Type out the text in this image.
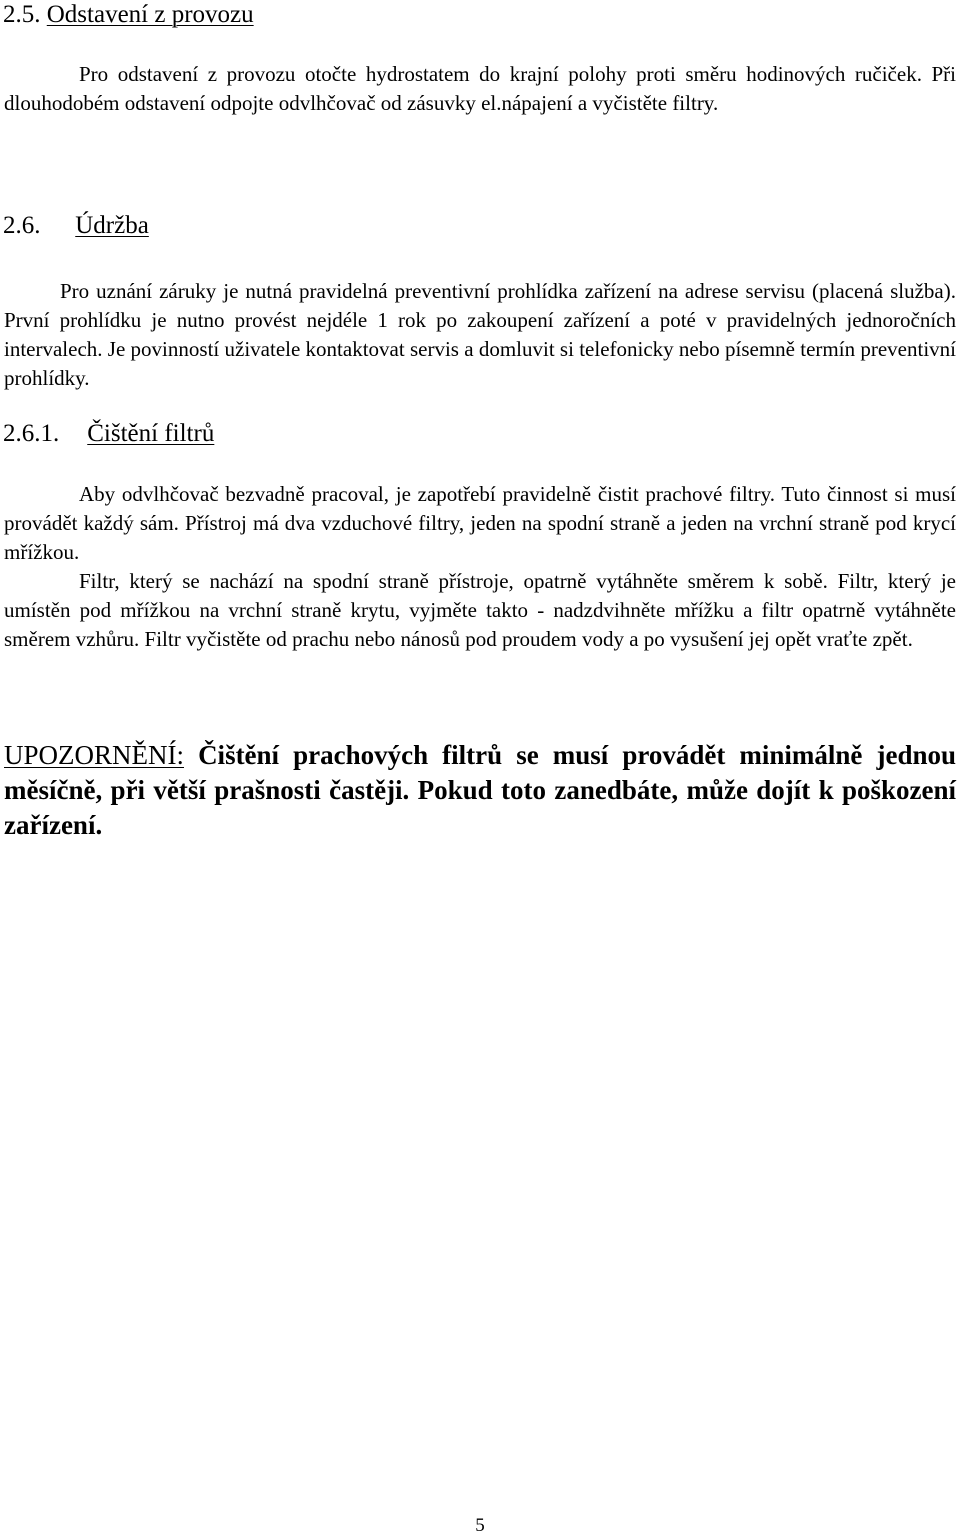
2.5. Odstavení z provozu

Pro odstavení z provozu otočte hydrostatem do krajní polohy proti směru hodinových ručiček. Při dlouhodobém odstavení odpojte odvlhčovač od zásuvky el.nápajení a vyčistěte filtry.

2.6. Údržba

Pro uznání záruky je nutná pravidelná preventivní prohlídka zařízení na adrese servisu (placená služba). První prohlídku je nutno provést nejdéle 1 rok po zakoupení zařízení a poté v pravidelných jednoročních intervalech. Je povinností uživatele kontaktovat servis a domluvit si telefonicky nebo písemně termín preventivní prohlídky.

2.6.1. Čištění filtrů

Aby odvlhčovač bezvadně pracoval, je zapotřebí pravidelně čistit prachové filtry. Tuto činnost si musí provádět každý sám. Přístroj má dva vzduchové filtry, jeden na spodní straně a jeden na vrchní straně pod krycí mřížkou.

Filtr, který se nachází na spodní straně přístroje, opatrně vytáhněte směrem k sobě. Filtr, který je umístěn pod mřížkou na vrchní straně krytu, vyjměte takto - nadzdvihněte mřížku a filtr opatrně vytáhněte směrem vzhůru. Filtr vyčistěte od prachu nebo nánosů pod proudem vody a po vysušení jej opět vraťte zpět.

UPOZORNĚNÍ: Čištění prachových filtrů se musí provádět minimálně jednou měsíčně, při větší prašnosti častěji. Pokud toto zanedbáte, může dojít k poškození zařízení.
5
